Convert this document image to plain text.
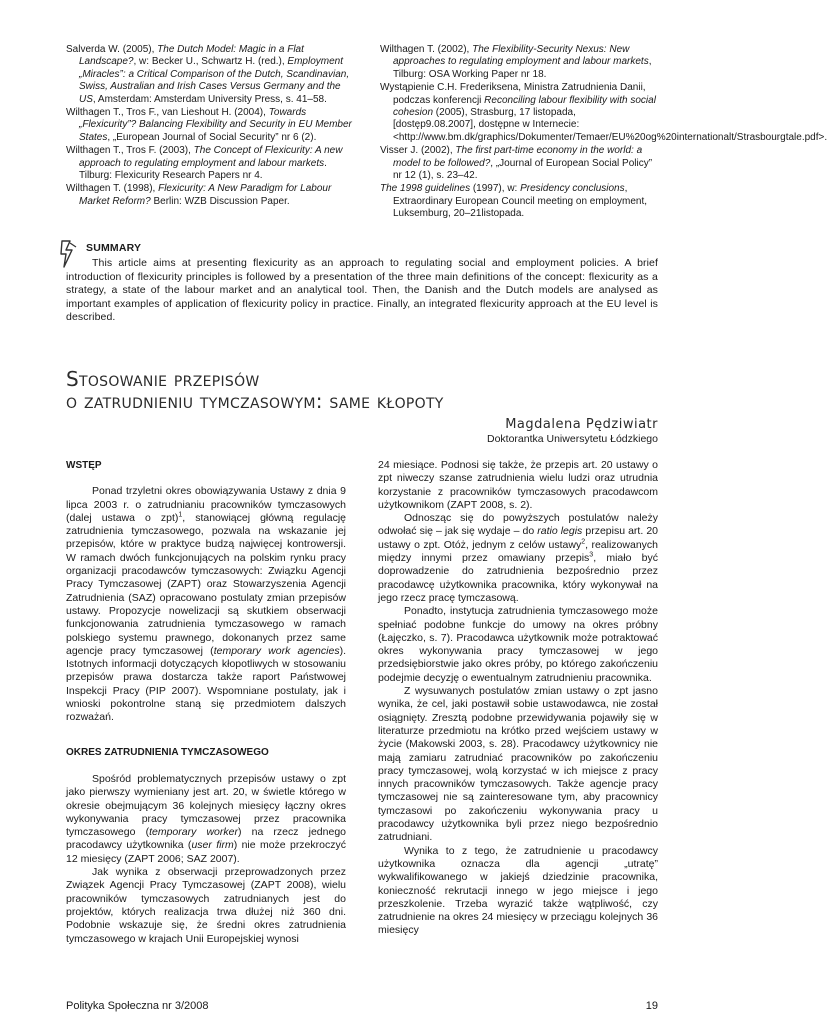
Salverda W. (2005), The Dutch Model: Magic in a Flat Landscape?, w: Becker U., Schwartz H. (red.), Employment „Miracles”: a Critical Comparison of the Dutch, Scandinavian, Swiss, Australian and Irish Cases Versus Germany and the US, Amsterdam: Amsterdam University Press, s. 41–58.

Wilthagen T., Tros F., van Lieshout H. (2004), Towards „Flexicurity”? Balancing Flexibility and Security in EU Member States, „European Journal of Social Security” nr 6 (2).

Wilthagen T., Tros F. (2003), The Concept of Flexicurity: A new approach to regulating employment and labour markets. Tilburg: Flexicurity Research Papers nr 4.

Wilthagen T. (1998), Flexicurity: A New Paradigm for Labour Market Reform? Berlin: WZB Discussion Paper.

Wilthagen T. (2002), The Flexibility-Security Nexus: New approaches to regulating employment and labour markets, Tilburg: OSA Working Paper nr 18.

Wystąpienie C.H. Frederiksena, Ministra Zatrudnienia Danii, podczas konferencji Reconciling labour flexibility with social cohesion (2005), Strasburg, 17 listopada, [dostęp9.08.2007], dostępne w Internecie: <http://www.bm.dk/graphics/Dokumenter/Temaer/EU%20og%20internationalt/Strasbourgtale.pdf>.

Visser J. (2002), The first part-time economy in the world: a model to be followed?, „Journal of European Social Policy” nr 12 (1), s. 23–42.

The 1998 guidelines (1997), w: Presidency conclusions, Extraordinary European Council meeting on employment, Luksemburg, 20–21listopada.

SUMMARY

This article aims at presenting flexicurity as an approach to regulating social and employment policies. A brief introduction of flexicurity principles is followed by a presentation of the three main definitions of the concept: flexicurity as a strategy, a state of the labour market and an analytical tool. Then, the Danish and the Dutch models are analysed as important examples of application of flexicurity policy in practice. Finally, an integrated flexicurity approach at the EU level is described.

Stosowanie przepisów
o zatrudnieniu tymczasowym: same kłopoty
Magdalena Pędziwiatr
Doktorantka Uniwersytetu Łódzkiego
WSTĘP

Ponad trzyletni okres obowiązywania Ustawy z dnia 9 lipca 2003 r. o zatrudnianiu pracowników tymczasowych (dalej ustawa o zpt)$^1$, stanowiącej główną regulację zatrudnienia tymczasowego, pozwala na wskazanie jej przepisów, które w praktyce budzą najwięcej kontrowersji. W ramach dwóch funkcjonujących na polskim rynku pracy organizacji pracodawców tymczasowych: Związku Agencji Pracy Tymczasowej (ZAPT) oraz Stowarzyszenia Agencji Zatrudnienia (SAZ) opracowano postulaty zmian przepisów ustawy. Propozycje nowelizacji są skutkiem obserwacji funkcjonowania zatrudnienia tymczasowego w ramach polskiego systemu prawnego, dokonanych przez same agencje pracy tymczasowej (temporary work agencies). Istotnych informacji dotyczących kłopotliwych w stosowaniu przepisów prawa dostarcza także raport Państwowej Inspekcji Pracy (PIP 2007). Wspomniane postulaty, jak i wnioski pokontrolne staną się przedmiotem dalszych rozważań.

OKRES ZATRUDNIENIA TYMCZASOWEGO

Spośród problematycznych przepisów ustawy o zpt jako pierwszy wymieniany jest art. 20, w świetle którego w okresie obejmującym 36 kolejnych miesięcy łączny okres wykonywania pracy tymczasowej przez pracownika tymczasowego (temporary worker) na rzecz jednego pracodawcy użytkownika (user firm) nie może przekroczyć 12 miesięcy (ZAPT 2006; SAZ 2007).

Jak wynika z obserwacji przeprowadzonych przez Związek Agencji Pracy Tymczasowej (ZAPT 2008), wielu pracowników tymczasowych zatrudnianych jest do projektów, których realizacja trwa dłużej niż 360 dni. Podobnie wskazuje się, że średni okres zatrudnienia tymczasowego w krajach Unii Europejskiej wynosi

24 miesiące. Podnosi się także, że przepis art. 20 ustawy o zpt niweczy szanse zatrudnienia wielu ludzi oraz utrudnia korzystanie z pracowników tymczasowych pracodawcom użytkownikom (ZAPT 2008, s. 2).

Odnosząc się do powyższych postulatów należy odwołać się – jak się wydaje – do ratio legis przepisu art. 20 ustawy o zpt. Otóż, jednym z celów ustawy$^2$, realizowanych między innymi przez omawiany przepis$^3$, miało być doprowadzenie do zatrudnienia bezpośrednio przez pracodawcę użytkownika pracownika, który wykonywał na jego rzecz pracę tymczasową.

Ponadto, instytucja zatrudnienia tymczasowego może spełniać podobne funkcje do umowy na okres próbny (Łajęczko, s. 7). Pracodawca użytkownik może potraktować okres wykonywania pracy tymczasowej w jego przedsiębiorstwie jako okres próby, po którego zakończeniu podejmie decyzję o ewentualnym zatrudnieniu pracownika.

Z wysuwanych postulatów zmian ustawy o zpt jasno wynika, że cel, jaki postawił sobie ustawodawca, nie został osiągnięty. Zresztą podobne przewidywania pojawiły się w literaturze przedmiotu na krótko przed wejściem ustawy w życie (Makowski 2003, s. 28). Pracodawcy użytkownicy nie mają zamiaru zatrudniać pracowników po zakończeniu pracy tymczasowej, wolą korzystać w ich miejsce z pracy innych pracowników tymczasowych. Także agencje pracy tymczasowej nie są zainteresowane tym, aby pracownicy tymczasowi po zakończeniu wykonywania pracy u pracodawcy użytkownika byli przez niego bezpośrednio zatrudniani.

Wynika to z tego, że zatrudnienie u pracodawcy użytkownika oznacza dla agencji „utratę” wykwalifikowanego w jakiejś dziedzinie pracownika, konieczność rekrutacji innego w jego miejsce i jego przeszkolenie. Trzeba wyrazić także wątpliwość, czy zatrudnienie na okres 24 miesięcy w przeciągu kolejnych 36 miesięcy

Polityka Społeczna nr 3/2008	19
